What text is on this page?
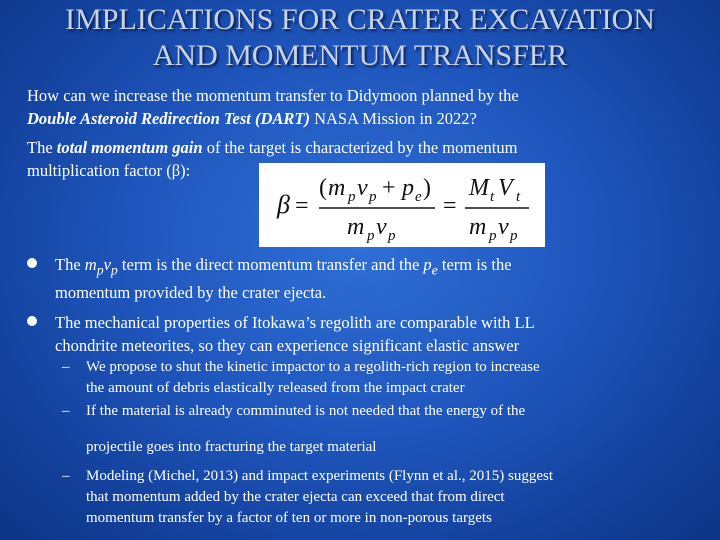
IMPLICATIONS FOR CRATER EXCAVATION
AND MOMENTUM TRANSFER

How can we increase the momentum transfer to Didymoon planned by the
Double Asteroid Redirection Test (DART) NASA Mission in 2022?

The total momentum gain of the target is characterized by the momentum
multiplication factor (β):

β =
( m p v p + p e )
m p v p
=
M t V t
m p v p
The $m_pv_p$ term is the direct momentum transfer and the $p_e$ term is the
momentum provided by the crater ejecta.
The mechanical properties of Itokawa’s regolith are comparable with LL
chondrite meteorites, so they can experience significant elastic answer
– We propose to shut the kinetic impactor to a regolith-rich region to increase
the amount of debris elastically released from the impact crater
– If the material is already comminuted is not needed that the energy of the
projectile goes into fracturing the target material
– Modeling (Michel, 2013) and impact experiments (Flynn et al., 2015) suggest
that momentum added by the crater ejecta can exceed that from direct
momentum transfer by a factor of ten or more in non-porous targets
